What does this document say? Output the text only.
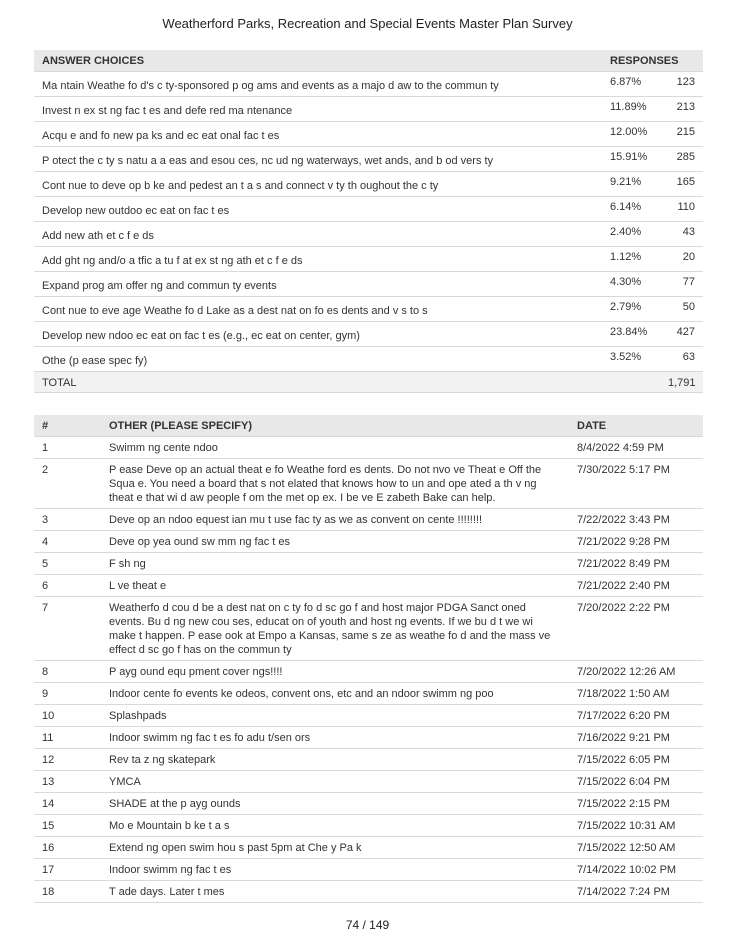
Weatherford Parks, Recreation and Special Events Master Plan Survey
ANSWER CHOICES	RESPONSES	
Ma ntain Weathe fo d's c ty-sponsored p og ams and events as a majo d aw to the commun ty	6.87%	123
Invest n ex st ng fac t es and defe red ma ntenance	11.89%	213
Acqu e and fo new pa ks and ec eat onal fac t es	12.00%	215
P otect the c ty s natu a a eas and esou ces, nc ud ng waterways, wet ands, and b od vers ty	15.91%	285
Cont nue to deve op b ke and pedest an t a s and connect v ty th oughout the c ty	9.21%	165
Develop new outdoo ec eat on fac t es	6.14%	110
Add new ath et c f e ds	2.40%	43
Add ght ng and/o a tfic a tu f at ex st ng ath et c f e ds	1.12%	20
Expand prog am offer ng and commun ty events	4.30%	77
Cont nue to eve age Weathe fo d Lake as a dest nat on fo es dents and v s to s	2.79%	50
Develop new ndoo ec eat on fac t es (e.g., ec eat on center, gym)	23.84%	427
Othe (p ease spec fy)	3.52%	63
TOTAL		1,791
#	OTHER (PLEASE SPECIFY)	DATE
1	Swimm ng cente ndoo	8/4/2022 4:59 PM
2	P ease Deve op an actual theat e fo Weathe ford es dents. Do not nvo ve Theat e Off the Squa e. You need a board that s not elated that knows how to un and ope ated a th v ng theat e that wi d aw people f om the met op ex. I be ve E zabeth Bake can help.	7/30/2022 5:17 PM
3	Deve op an ndoo equest ian mu t use fac ty as we as convent on cente !!!!!!!!	7/22/2022 3:43 PM
4	Deve op yea ound sw mm ng fac t es	7/21/2022 9:28 PM
5	F sh ng	7/21/2022 8:49 PM
6	L ve theat e	7/21/2022 2:40 PM
7	Weatherfo d cou d be a dest nat on c ty fo d sc go f and host major PDGA Sanct oned events. Bu d ng new cou ses, educat on of youth and host ng events. If we bu d t we wi make t happen. P ease ook at Empo a Kansas, same s ze as weathe fo d and the mass ve effect d sc go f has on the commun ty	7/20/2022 2:22 PM
8	P ayg ound equ pment cover ngs!!!!	7/20/2022 12:26 AM
9	Indoor cente fo events ke odeos, convent ons, etc and an ndoor swimm ng poo	7/18/2022 1:50 AM
10	Splashpads	7/17/2022 6:20 PM
11	Indoor swimm ng fac t es fo adu t/sen ors	7/16/2022 9:21 PM
12	Rev ta z ng skatepark	7/15/2022 6:05 PM
13	YMCA	7/15/2022 6:04 PM
14	SHADE at the p ayg ounds	7/15/2022 2:15 PM
15	Mo e Mountain b ke t a s	7/15/2022 10:31 AM
16	Extend ng open swim hou s past 5pm at Che y Pa k	7/15/2022 12:50 AM
17	Indoor swimm ng fac t es	7/14/2022 10:02 PM
18	T ade days. Later t mes	7/14/2022 7:24 PM
74 / 149
